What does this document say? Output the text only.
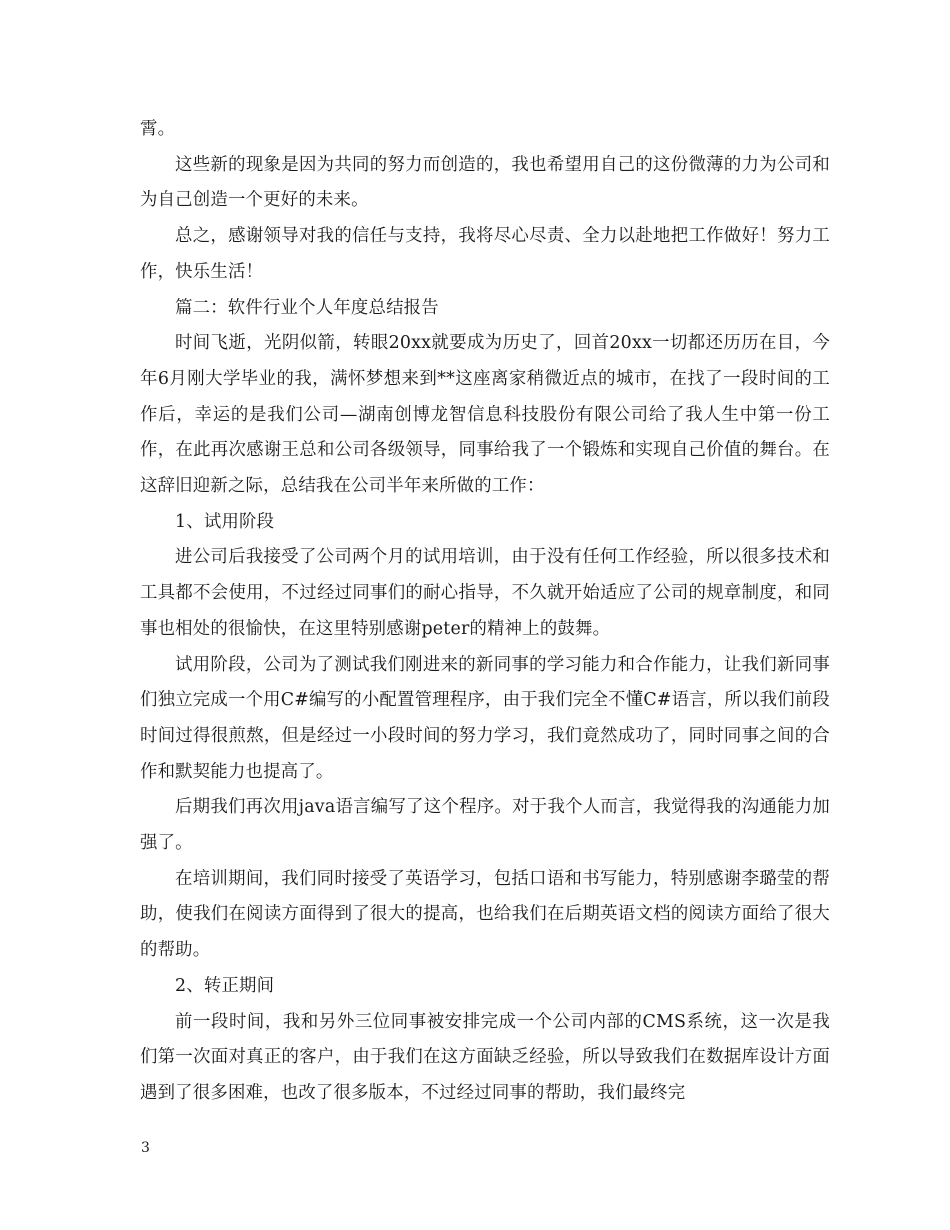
霄。

这些新的现象是因为共同的努力而创造的，我也希望用自己的这份微薄的力为公司和为自己创造一个更好的未来。

总之，感谢领导对我的信任与支持，我将尽心尽责、全力以赴地把工作做好！努力工作，快乐生活！

篇二：软件行业个人年度总结报告

时间飞逝，光阴似箭，转眼20xx就要成为历史了，回首20xx一切都还历历在目，今年6月刚大学毕业的我，满怀梦想来到**这座离家稍微近点的城市，在找了一段时间的工作后，幸运的是我们公司—湖南创博龙智信息科技股份有限公司给了我人生中第一份工作，在此再次感谢王总和公司各级领导，同事给我了一个锻炼和实现自己价值的舞台。在这辞旧迎新之际，总结我在公司半年来所做的工作：

1、试用阶段

进公司后我接受了公司两个月的试用培训，由于没有任何工作经验，所以很多技术和工具都不会使用，不过经过同事们的耐心指导，不久就开始适应了公司的规章制度，和同事也相处的很愉快，在这里特别感谢peter的精神上的鼓舞。

试用阶段，公司为了测试我们刚进来的新同事的学习能力和合作能力，让我们新同事们独立完成一个用C#编写的小配置管理程序，由于我们完全不懂C#语言，所以我们前段时间过得很煎熬，但是经过一小段时间的努力学习，我们竟然成功了，同时同事之间的合作和默契能力也提高了。

后期我们再次用java语言编写了这个程序。对于我个人而言，我觉得我的沟通能力加强了。

在培训期间，我们同时接受了英语学习，包括口语和书写能力，特别感谢李璐莹的帮助，使我们在阅读方面得到了很大的提高，也给我们在后期英语文档的阅读方面给了很大的帮助。

2、转正期间

前一段时间，我和另外三位同事被安排完成一个公司内部的CMS系统，这一次是我们第一次面对真正的客户，由于我们在这方面缺乏经验，所以导致我们在数据库设计方面遇到了很多困难，也改了很多版本，不过经过同事的帮助，我们最终完

3
